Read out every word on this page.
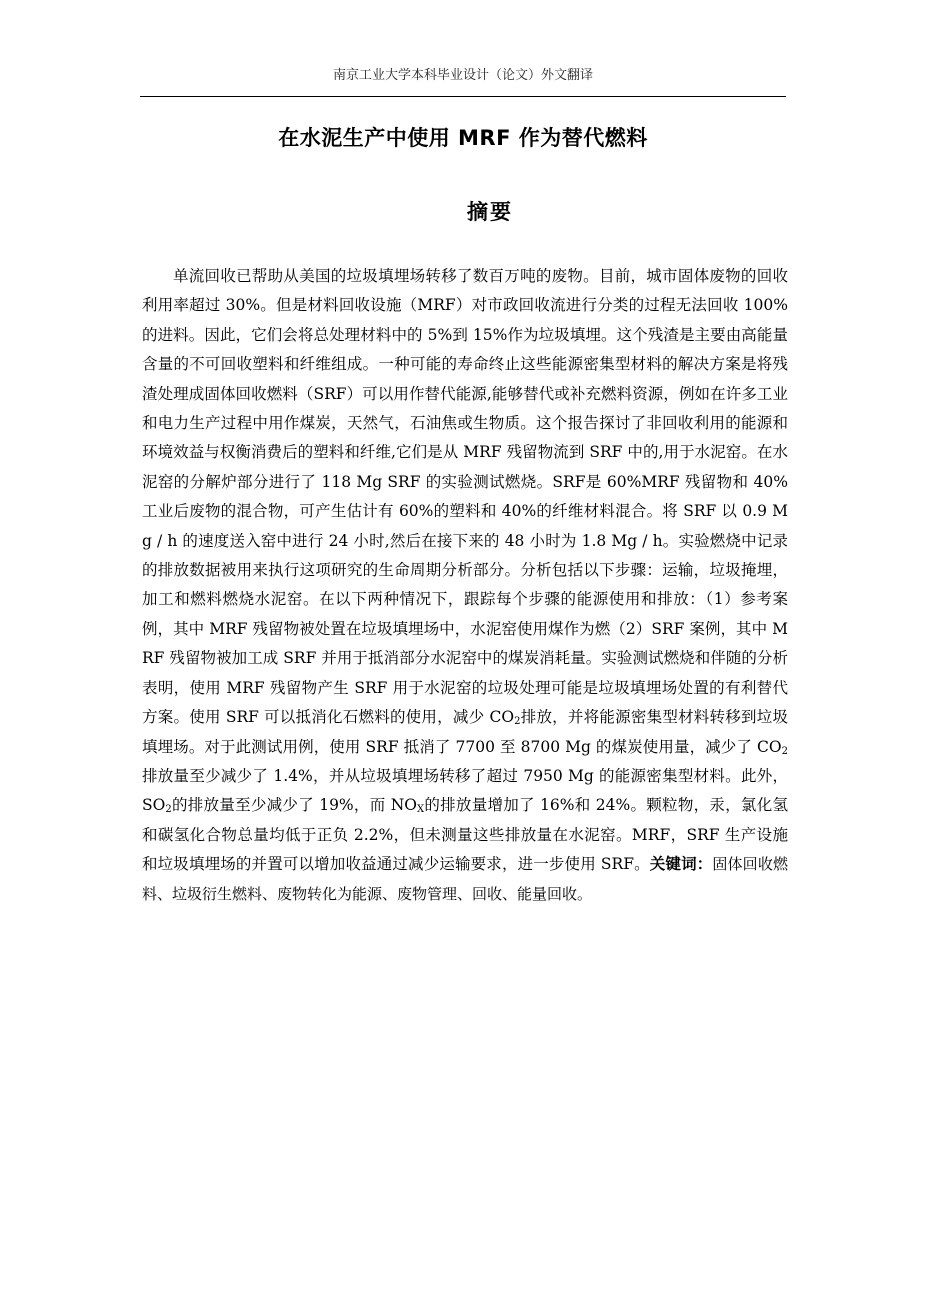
南京工业大学本科毕业设计（论文）外文翻译
在水泥生产中使用 MRF 作为替代燃料
摘要

单流回收已帮助从美国的垃圾填埋场转移了数百万吨的废物。目前，城市固体废物的回收利用率超过 30%。但是材料回收设施（MRF）对市政回收流进行分类的过程无法回收 100%的进料。因此，它们会将总处理材料中的 5%到 15%作为垃圾填埋。这个残渣是主要由高能量含量的不可回收塑料和纤维组成。一种可能的寿命终止这些能源密集型材料的解决方案是将残渣处理成固体回收燃料（SRF）可以用作替代能源,能够替代或补充燃料资源，例如在许多工业和电力生产过程中用作煤炭，天然气，石油焦或生物质。这个报告探讨了非回收利用的能源和环境效益与权衡消费后的塑料和纤维,它们是从 MRF 残留物流到 SRF 中的,用于水泥窑。在水泥窑的分解炉部分进行了 118 Mg SRF 的实验测试燃烧。SRF是 60%MRF 残留物和 40%工业后废物的混合物，可产生估计有 60%的塑料和 40%的纤维材料混合。将 SRF 以 0.9 Mg / h 的速度送入窑中进行 24 小时,然后在接下来的 48 小时为 1.8 Mg / h。实验燃烧中记录的排放数据被用来执行这项研究的生命周期分析部分。分析包括以下步骤：运输，垃圾掩埋，加工和燃料燃烧水泥窑。在以下两种情况下，跟踪每个步骤的能源使用和排放：（1）参考案例，其中 MRF 残留物被处置在垃圾填埋场中，水泥窑使用煤作为燃（2）SRF 案例，其中 MRF 残留物被加工成 SRF 并用于抵消部分水泥窑中的煤炭消耗量。实验测试燃烧和伴随的分析表明，使用 MRF 残留物产生 SRF 用于水泥窑的垃圾处理可能是垃圾填埋场处置的有利替代方案。使用 SRF 可以抵消化石燃料的使用，减少 $CO_2$排放，并将能源密集型材料转移到垃圾填埋场。对于此测试用例，使用 SRF 抵消了 7700 至 8700 Mg 的煤炭使用量，减少了 $CO_2$排放量至少减少了 1.4%，并从垃圾填埋场转移了超过 7950 Mg 的能源密集型材料。此外，$SO_2$的排放量至少减少了 19%，而 $NO_X$的排放量增加了 16%和 24%。颗粒物，汞，氯化氢和碳氢化合物总量均低于正负 2.2%，但未测量这些排放量在水泥窑。MRF，SRF 生产设施和垃圾填埋场的并置可以增加收益通过减少运输要求，进一步使用 SRF。关键词：固体回收燃料、垃圾衍生燃料、废物转化为能源、废物管理、回收、能量回收。
